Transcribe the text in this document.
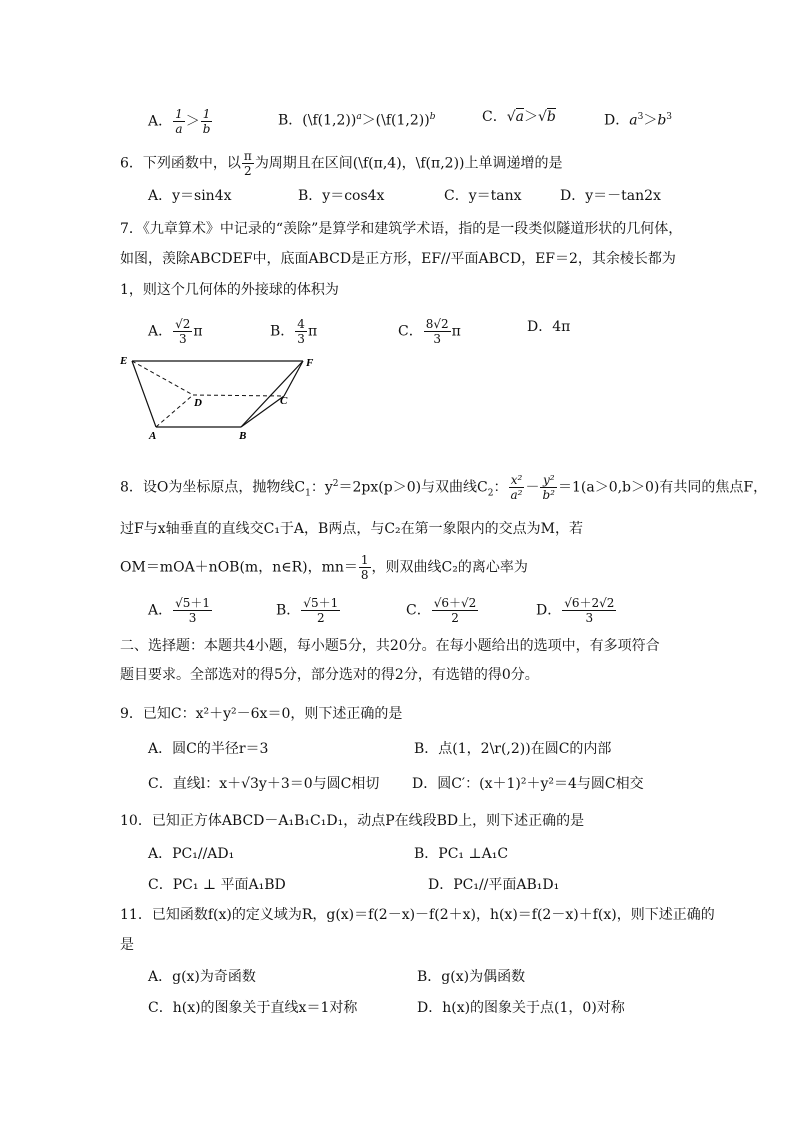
A． $\frac{1}{a} > \frac{1}{b}$	B．(\f(1,2))$^a$＞(\f(1,2))$^b$	C．√a＞√b	D．$a^3>b^3$
6．下列函数中，以 $\frac{\pi}{2}$ 为周期且在区间(\f(π,4)，\f(π,2))上单调递增的是
A．y＝sin4x	B．y＝cos4x	C．y＝tanx	D．y＝－tan2x
7．《九章算术》中记录的“羡除”是算学和建筑学术语，指的是一段类似隧道形状的几何体，
如图，羡除ABCDEF中，底面ABCD是正方形，EF//平面ABCD，EF＝2，其余棱长都为
1，则这个几何体的外接球的体积为
A． $\frac{√2}{3}$ π	B． $\frac{4}{3}$ π	C． $\frac{8√2}{3}$ π	D．4π
E	F
D	C
A	B
8．设O为坐标原点，抛物线$C_1$：$y^2=2px(p>0)$与双曲线$C_2$： $\frac{\text{x²}}{\text{a²}} - \frac{\text{y²}}{\text{b²}} =1(a>0,b>0)$有共同的焦点F，
过F与x轴垂直的直线交C₁于A，B两点，与C₂在第一象限内的交点为M，若
OM＝mOA＋nOB(m，n∈R)，$mn= \frac{1}{8}$ ，则双曲线C₂的离心率为
A． $\frac{√5+1}{3}$	B． $\frac{√5+1}{2}$	C． $\frac{√6+√2}{2}$	D． $\frac{√6+2√2}{3}$
二、选择题：本题共4小题，每小题5分，共20分。在每小题给出的选项中，有多项符合
题目要求。全部选对的得5分，部分选对的得2分，有选错的得0分。
9．已知C：x²＋y²－6x＝0，则下述正确的是
A．圆C的半径r＝3	B．点(1，2\r(,2))在圆C的内部
C．直线l：x＋√3y＋3＝0与圆C相切 D．圆C′：(x＋1)²＋y²＝4与圆C相交
10．已知正方体ABCD－A₁B₁C₁D₁，动点P在线段BD上，则下述正确的是
A．PC₁//AD₁	B．PC₁ ⊥A₁C
C．PC₁ ⊥ 平面A₁BD	D．PC₁//平面AB₁D₁
11．已知函数f(x)的定义域为R，g(x)＝f(2－x)－f(2＋x)，h(x)＝f(2－x)＋f(x)，则下述正确的
是
A．g(x)为奇函数	B．g(x)为偶函数
C．h(x)的图象关于直线x＝1对称	D．h(x)的图象关于点(1，0)对称
